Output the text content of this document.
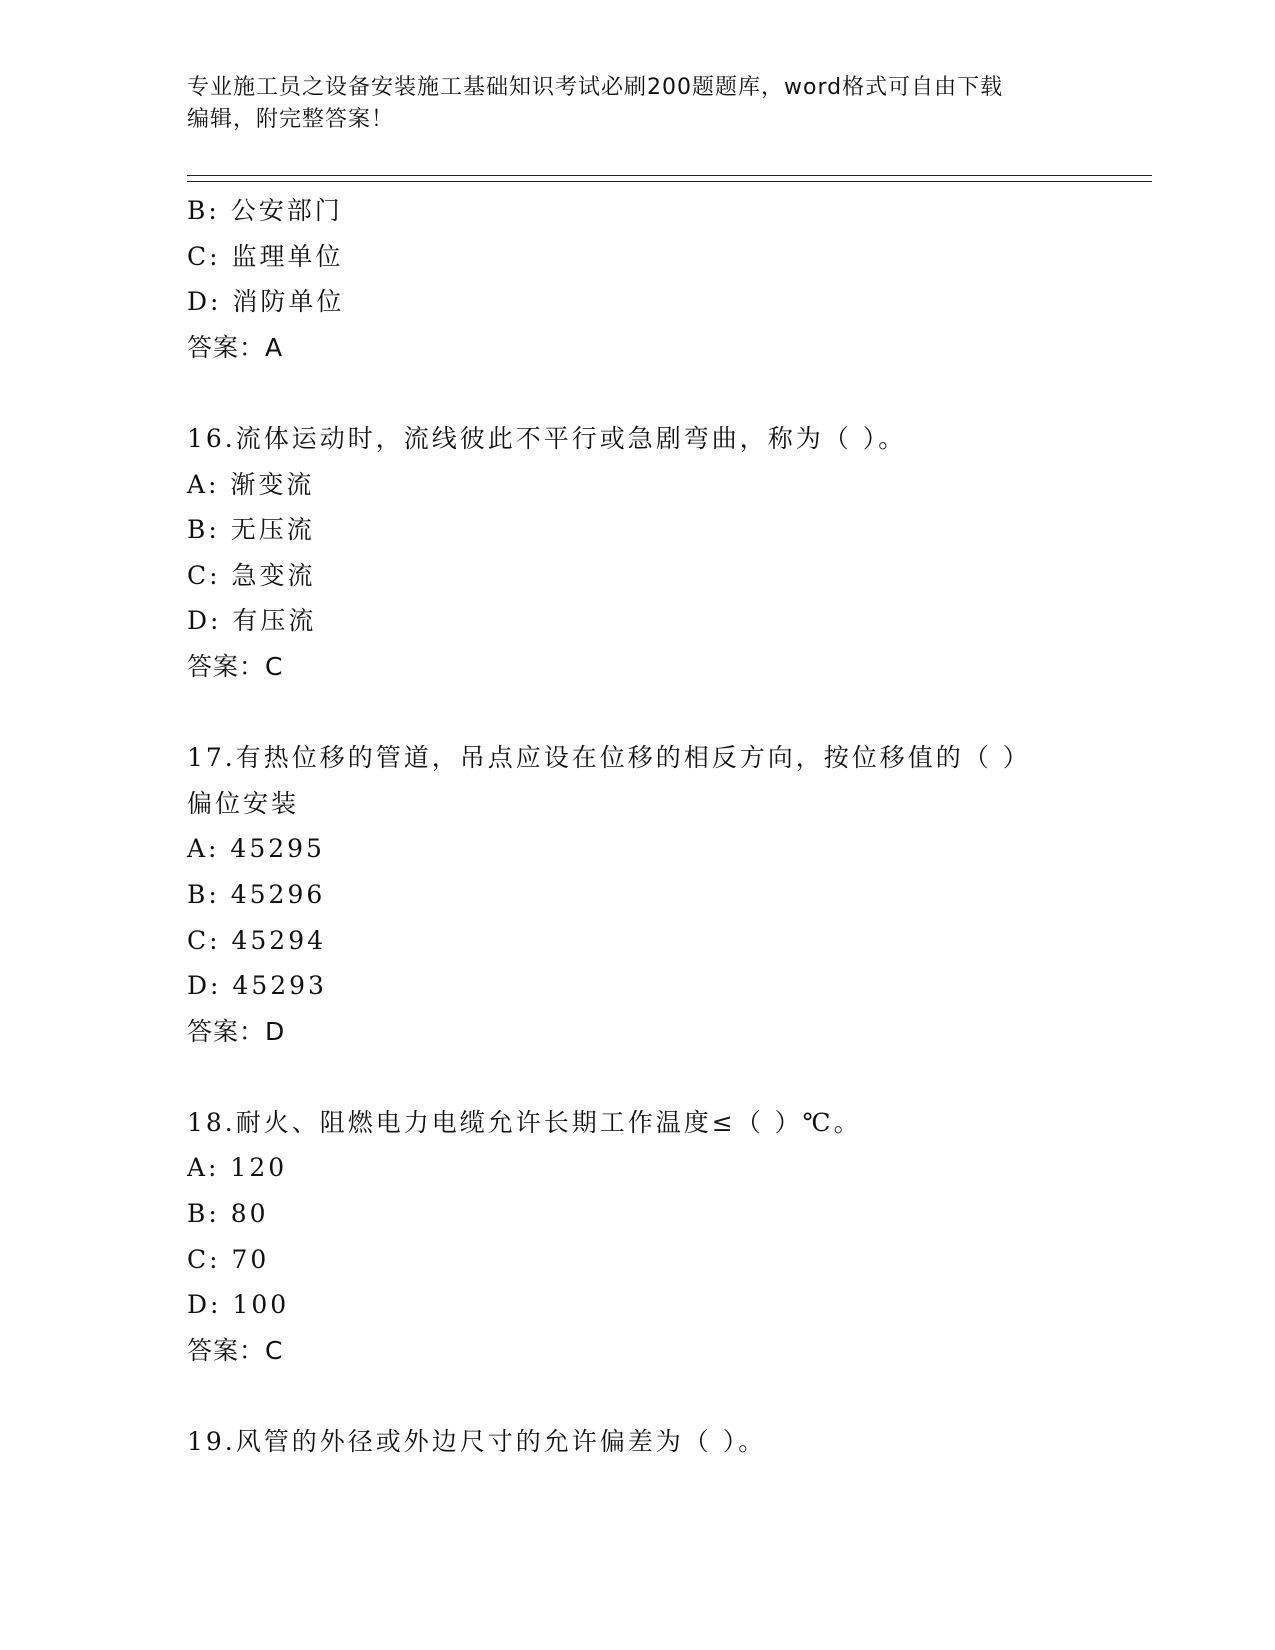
专业施工员之设备安装施工基础知识考试必刷200题题库，word格式可自由下载
编辑，附完整答案！
B: 公安部门
C: 监理单位
D: 消防单位
答案：A
16.流体运动时，流线彼此不平行或急剧弯曲，称为（ ）。
A: 渐变流
B: 无压流
C: 急变流
D: 有压流
答案：C
17.有热位移的管道，吊点应设在位移的相反方向，按位移值的（ ）
偏位安装
A: 45295
B: 45296
C: 45294
D: 45293
答案：D
18.耐火、阻燃电力电缆允许长期工作温度≤（ ）℃。
A: 120
B: 80
C: 70
D: 100
答案：C
19.风管的外径或外边尺寸的允许偏差为（ ）。
